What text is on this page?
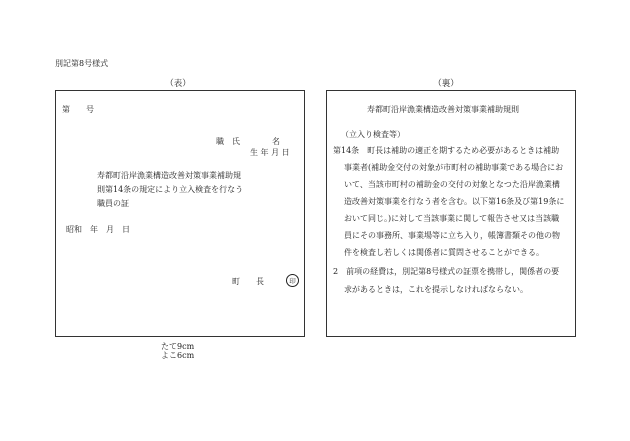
別記第8号様式
（表）
第　　号
職　氏　　　　名
生 年 月 日
寿都町沿岸漁業構造改善対策事業補助規
則第14条の規定により立入検査を行なう
職員の証
昭和　年　月　日
町　　長	印
（裏）
寿都町沿岸漁業構造改善対策事業補助規則
（立入り検査等）
第14条　町長は補助の適正を期するため必要があるときは補助
事業者(補助金交付の対象が市町村の補助事業である場合にお
いて、当該市町村の補助金の交付の対象となつた沿岸漁業構
造改善対策事業を行なう者を含む。以下第16条及び第19条に
おいて同じ。)に対して当該事業に関して報告させ又は当該職
員にその事務所、事業場等に立ち入り，帳簿書類その他の物
件を検査し若しくは関係者に質問させることができる。
2　前項の経費は，別記第8号様式の証票を携帯し，関係者の要
求があるときは，これを提示しなければならない。
たて9cm
よこ6cm
